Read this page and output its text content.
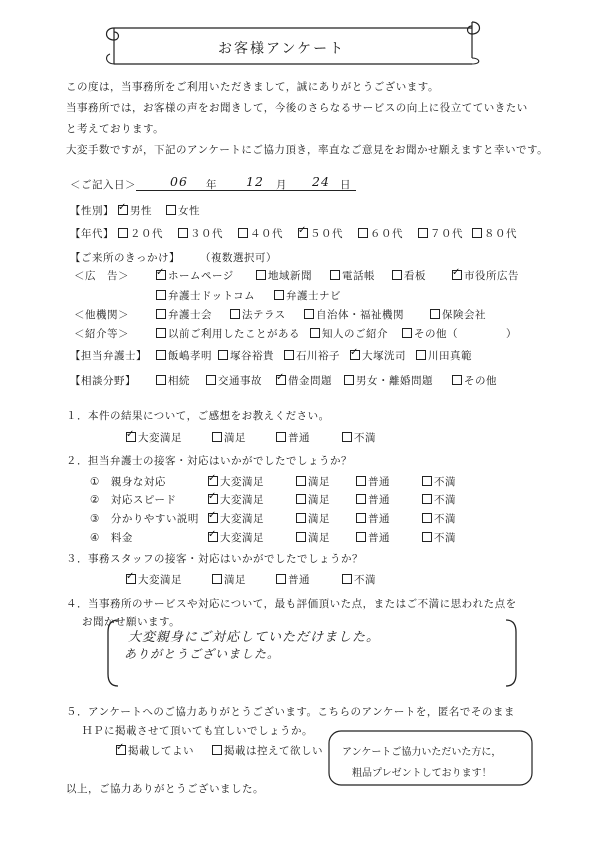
お客様アンケート
この度は，当事務所をご利用いただきまして，誠にありがとうございます。
当事務所では，お客様の声をお聞きして，今後のさらなるサービスの向上に役立てていきたい
と考えております。
大変手数ですが，下記のアンケートにご協力頂き，率直なご意見をお聞かせ願えますと幸いです。
＜ご記入日＞	06 年 12 月 24 日
【性別】 ✓	男性	女性
【年代】	２０代	３０代	４０代 ✓	５０代	６０代	７０代	８０代
【ご来所のきっかけ】 （複数選択可）
＜広　告＞ ✓	ホームページ	地域新聞	電話帳	看板 ✓	市役所広告
弁護士ドットコム	弁護士ナビ
＜他機関＞	弁護士会	法テラス	自治体・福祉機関	保険会社
＜紹介等＞	以前ご利用したことがある	知人のご紹介	その他（	）
【担当弁護士】	飯嶋孝明	塚谷裕貴	石川裕子 ✓	大塚洸司	川田真範
【相談分野】	相続	交通事故 ✓	借金問題	男女・離婚問題	その他
１．本件の結果について，ご感想をお教えください。
✓大変満足	満足	普通	不満
２．担当弁護士の接客・対応はいかがでしたでしょうか？
①　親身な対応 ✓	大変満足	満足	普通	不満
②　対応スピード ✓	大変満足	満足	普通	不満
③　分かりやすい説明 ✓	大変満足	満足	普通	不満
④　料金 ✓	大変満足	満足	普通	不満
３．事務スタッフの接客・対応はいかがでしたでしょうか？
✓大変満足	満足	普通	不満
４．当事務所のサービスや対応について，最も評価頂いた点，またはご不満に思われた点を
お聞かせ願います。
大変親身にご対応していただけました。
ありがとうございました。
５．アンケートへのご協力ありがとうございます。こちらのアンケートを，匿名でそのまま
ＨＰに掲載させて頂いても宜しいでしょうか。
✓掲載してよい	掲載は控えて欲しい アンケートご協力いただいた方に，
粗品プレゼントしております！
以上，ご協力ありがとうございました。
